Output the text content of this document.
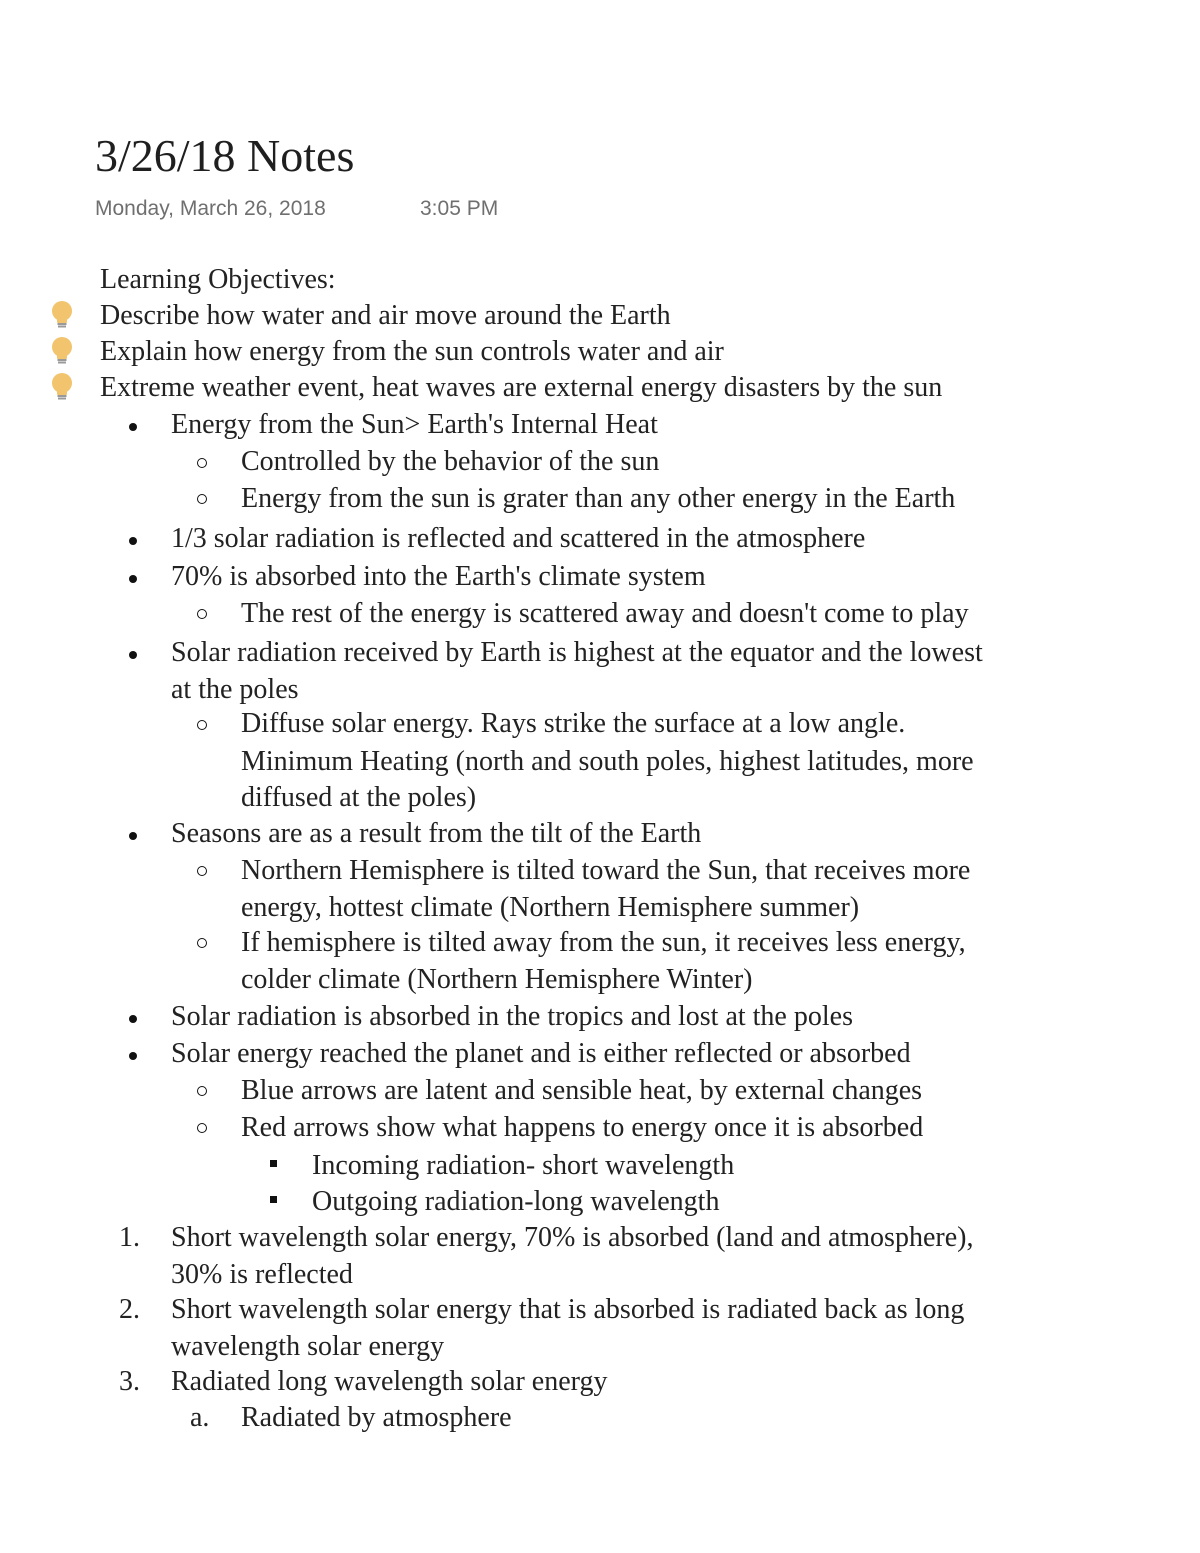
3/26/18 Notes
Monday, March 26, 2018	3:05 PM
Learning Objectives:
Describe how water and air move around the Earth
Explain how energy from the sun controls water and air
Extreme weather event, heat waves are external energy disasters by the sun
Energy from the Sun> Earth's Internal Heat
Controlled by the behavior of the sun
Energy from the sun is grater than any other energy in the Earth
1/3 solar radiation is reflected and scattered in the atmosphere
70% is absorbed into the Earth's climate system
The rest of the energy is scattered away and doesn't come to play
Solar radiation received by Earth is highest at the equator and the lowest
at the poles
Diffuse solar energy. Rays strike the surface at a low angle.
Minimum Heating (north and south poles, highest latitudes, more
diffused at the poles)
Seasons are as a result from the tilt of the Earth
Northern Hemisphere is tilted toward the Sun, that receives more
energy, hottest climate (Northern Hemisphere summer)
If hemisphere is tilted away from the sun, it receives less energy,
colder climate (Northern Hemisphere Winter)
Solar radiation is absorbed in the tropics and lost at the poles
Solar energy reached the planet and is either reflected or absorbed
Blue arrows are latent and sensible heat, by external changes
Red arrows show what happens to energy once it is absorbed
Incoming radiation- short wavelength
Outgoing radiation-long wavelength
1. Short wavelength solar energy, 70% is absorbed (land and atmosphere),
30% is reflected
2. Short wavelength solar energy that is absorbed is radiated back as long
wavelength solar energy
3. Radiated long wavelength solar energy
a. Radiated by atmosphere
